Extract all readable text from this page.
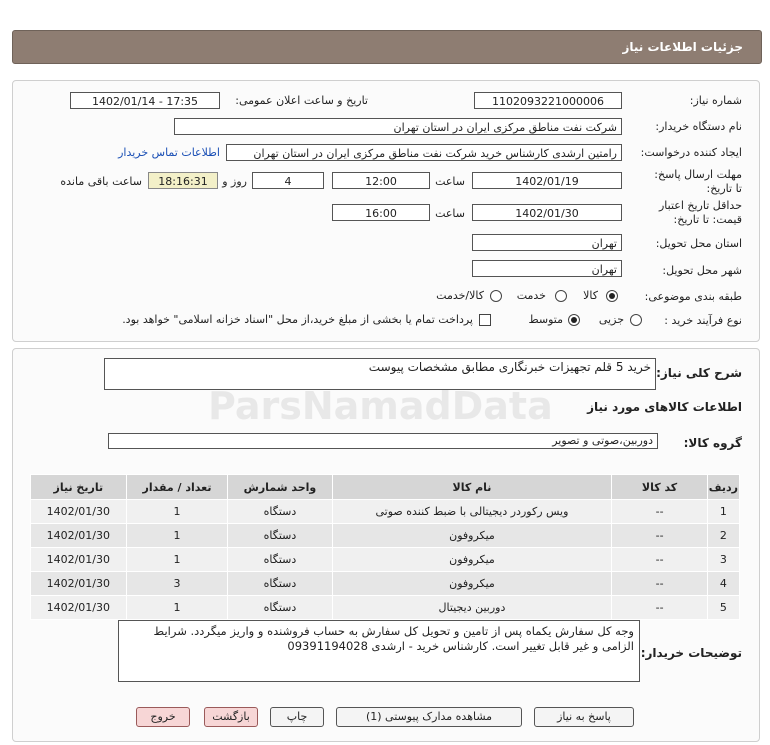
جزئیات اطلاعات نیاز
شماره نیاز:
1102093221000006
تاریخ و ساعت اعلان عمومی:
1402/01/14 - 17:35
نام دستگاه خریدار:
شرکت نفت مناطق مرکزی ایران در استان تهران
ایجاد کننده درخواست:
رامتین ارشدی کارشناس خرید شرکت نفت مناطق مرکزی ایران در استان تهران
اطلاعات تماس خریدار
مهلت ارسال پاسخ: تا تاریخ:
1402/01/19
ساعت
12:00
4
روز و
18:16:31
ساعت باقی مانده
حداقل تاریخ اعتبار قیمت: تا تاریخ:
1402/01/30
ساعت
16:00
استان محل تحویل:
تهران
شهر محل تحویل:
تهران
طبقه بندی موضوعی:
کالا
خدمت
کالا/خدمت
نوع فرآیند خرید :
جزیی
متوسط
پرداخت تمام یا بخشی از مبلغ خرید،از محل "اسناد خزانه اسلامی" خواهد بود.
شرح کلی نیاز:
خرید 5 قلم تجهیزات خبرنگاری مطابق مشخصات پیوست
اطلاعات کالاهای مورد نیاز
گروه کالا:
دوربین،صوتی و تصویر
ردیف	کد کالا	نام کالا	واحد شمارش	تعداد / مقدار	تاریخ نیاز
1	--	ویس رکوردر دیجیتالی با ضبط کننده صوتی	دستگاه	1	1402/01/30
2	--	میکروفون	دستگاه	1	1402/01/30
3	--	میکروفون	دستگاه	1	1402/01/30
4	--	میکروفون	دستگاه	3	1402/01/30
5	--	دوربین دیجیتال	دستگاه	1	1402/01/30
توضیحات خریدار:
وجه کل سفارش یکماه پس از تامین و تحویل کل سفارش به حساب فروشنده و واریز میگردد. شرایط الزامی و غیر قابل تغییر است. کارشناس خرید - ارشدی 09391194028
پاسخ به نیاز
مشاهده مدارک پیوستی (1)
چاپ
بازگشت
خروج
